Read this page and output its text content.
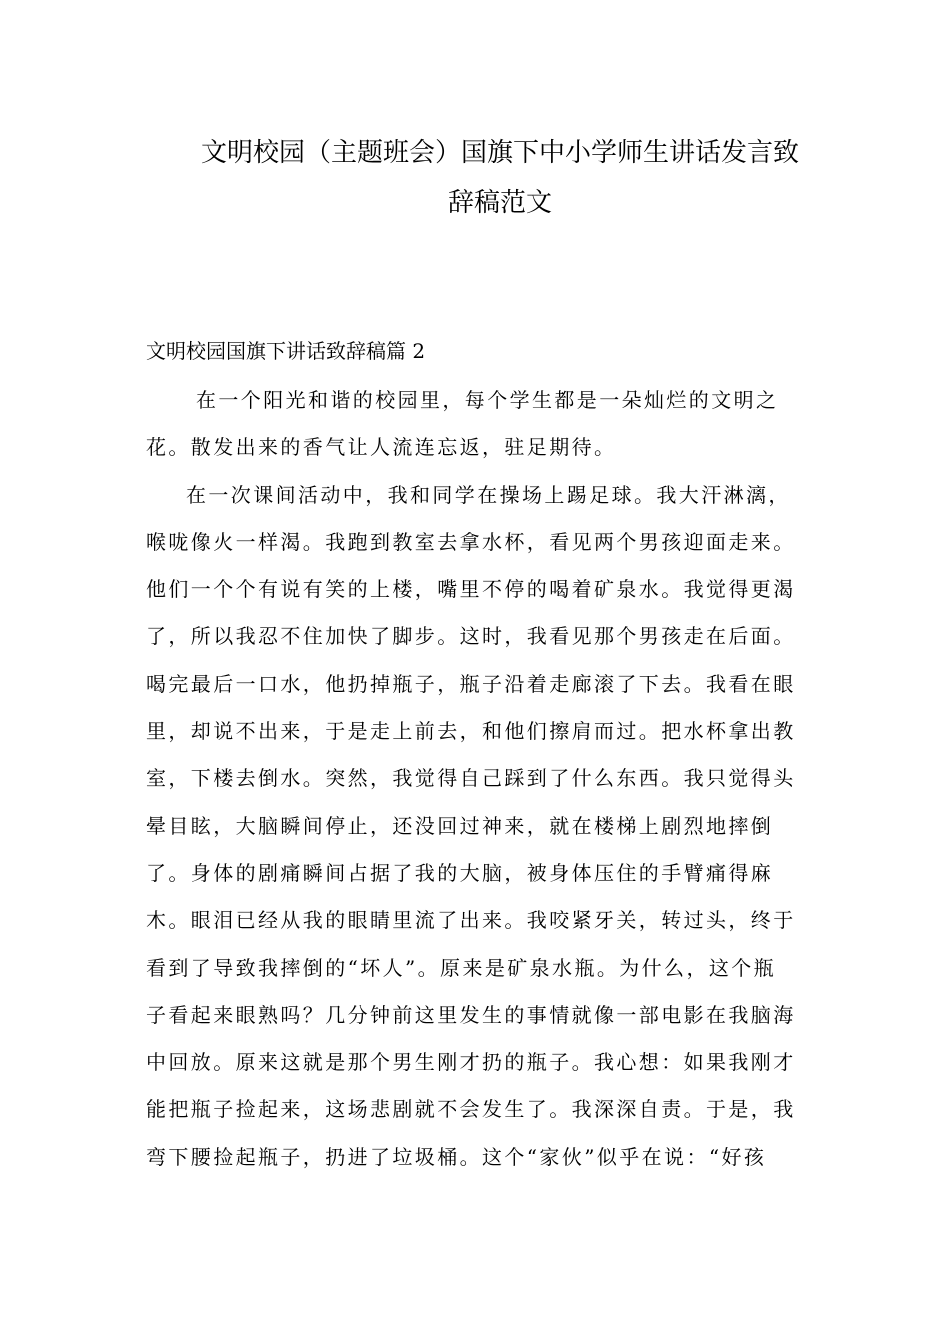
文明校园（主题班会）国旗下中小学师生讲话发言致
辞稿范文

文明校园国旗下讲话致辞稿篇 2

在一个阳光和谐的校园里，每个学生都是一朵灿烂的文明之
花。散发出来的香气让人流连忘返，驻足期待。
在一次课间活动中，我和同学在操场上踢足球。我大汗淋漓，
喉咙像火一样渴。我跑到教室去拿水杯，看见两个男孩迎面走来。
他们一个个有说有笑的上楼，嘴里不停的喝着矿泉水。我觉得更渴
了，所以我忍不住加快了脚步。这时，我看见那个男孩走在后面。
喝完最后一口水，他扔掉瓶子，瓶子沿着走廊滚了下去。我看在眼
里，却说不出来，于是走上前去，和他们擦肩而过。把水杯拿出教
室，下楼去倒水。突然，我觉得自己踩到了什么东西。我只觉得头
晕目眩，大脑瞬间停止，还没回过神来，就在楼梯上剧烈地摔倒
了。身体的剧痛瞬间占据了我的大脑，被身体压住的手臂痛得麻
木。眼泪已经从我的眼睛里流了出来。我咬紧牙关，转过头，终于
看到了导致我摔倒的“坏人”。原来是矿泉水瓶。为什么，这个瓶
子看起来眼熟吗？几分钟前这里发生的事情就像一部电影在我脑海
中回放。原来这就是那个男生刚才扔的瓶子。我心想：如果我刚才
能把瓶子捡起来，这场悲剧就不会发生了。我深深自责。于是，我
弯下腰捡起瓶子，扔进了垃圾桶。这个“家伙”似乎在说：“好孩
